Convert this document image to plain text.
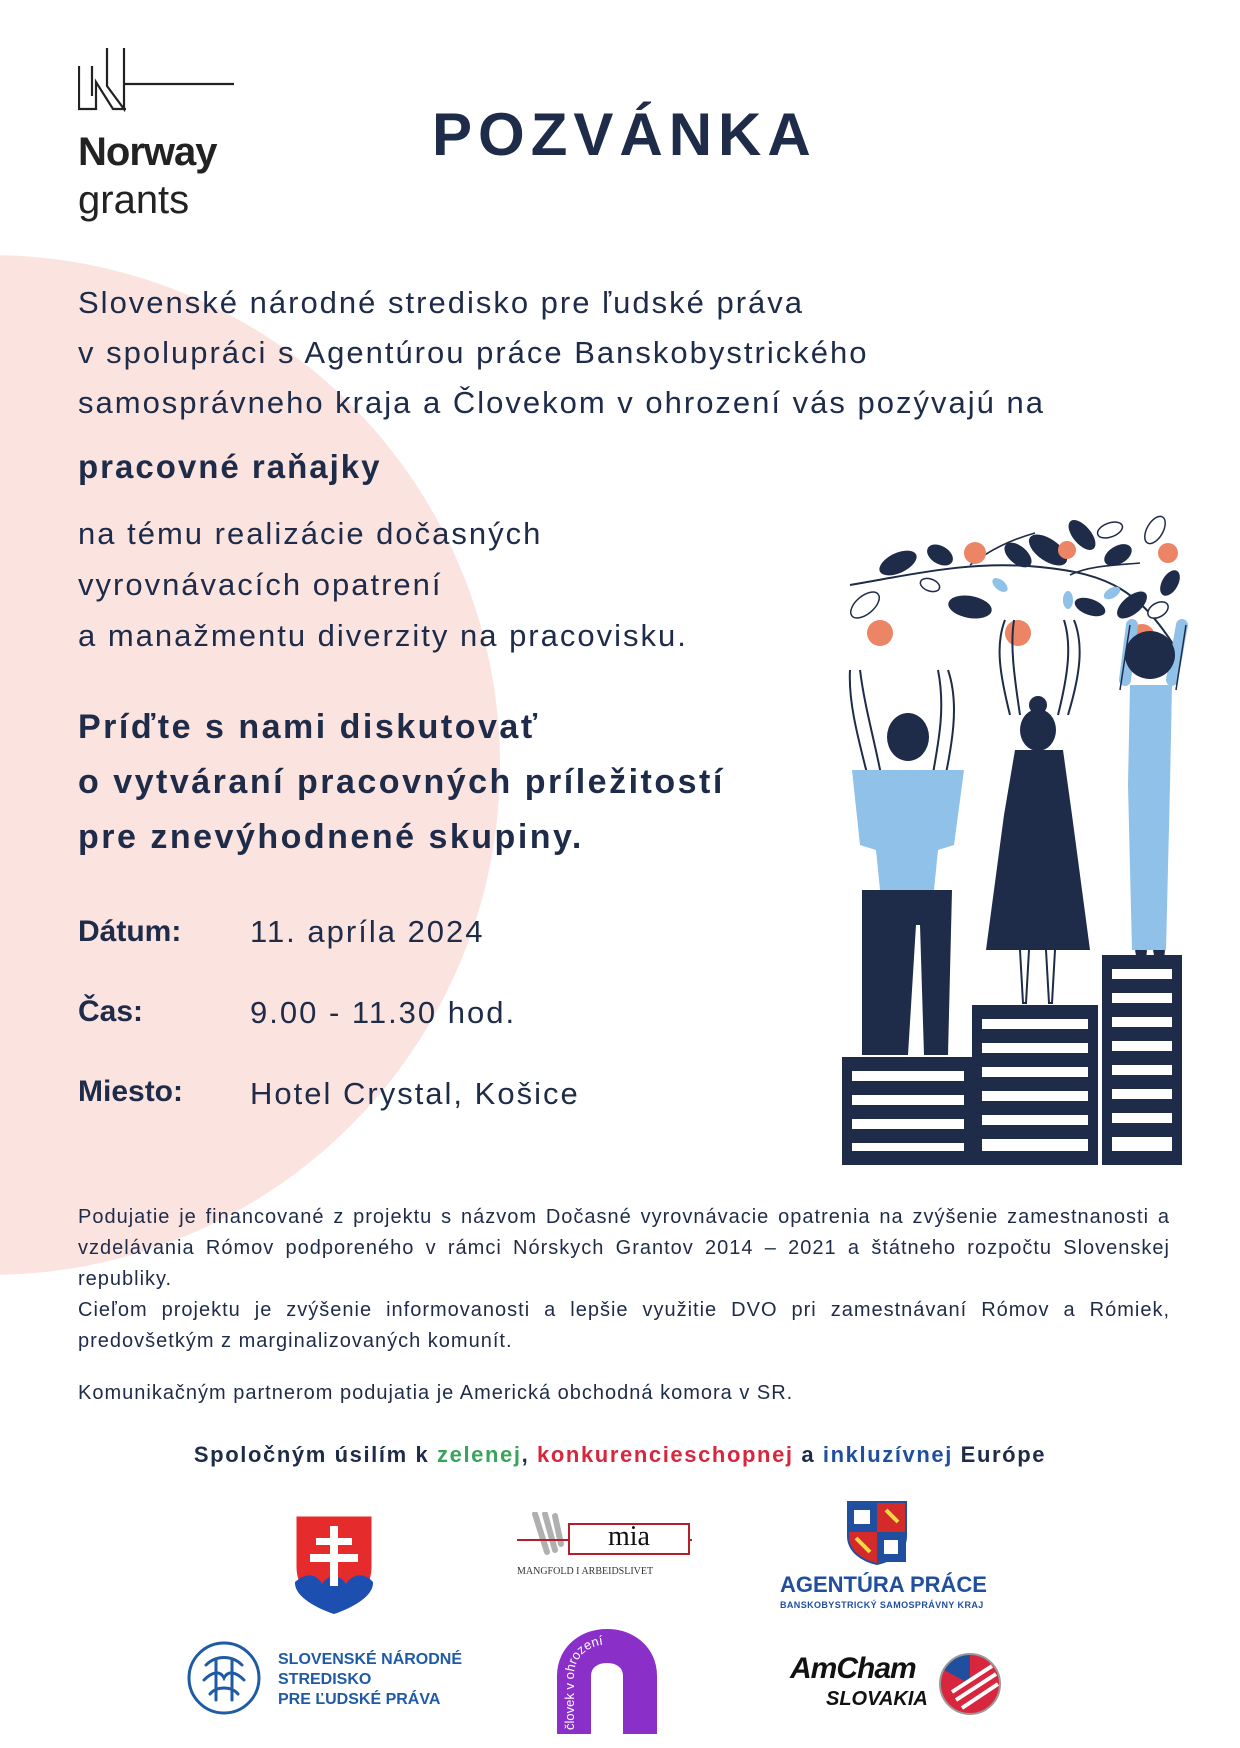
Norway
grants
POZVÁNKA
Slovenské národné stredisko pre ľudské práva
v spolupráci s Agentúrou práce Banskobystrického
samosprávneho kraja a Človekom v ohrození vás pozývajú na
pracovné raňajky
na tému realizácie dočasných
vyrovnávacích opatrení
a manažmentu diverzity na pracovisku.
Príďte s nami diskutovať
o vytváraní pracovných príležitostí
pre znevýhodnené skupiny.
Dátum: 11. apríla 2024
Čas:	9.00 - 11.30 hod.
Miesto: Hotel Crystal, Košice

Podujatie je financované z projektu s názvom Dočasné vyrovnávacie opatrenia na zvýšenie zamestnanosti a vzdelávania Rómov podporeného v rámci Nórskych Grantov 2014 – 2021 a štátneho rozpočtu Slovenskej republiky.

Cieľom projektu je zvýšenie informovanosti a lepšie využitie DVO pri zamestnávaní Rómov a Rómiek, predovšetkým z marginalizovaných komunít.

Komunikačným partnerom podujatia je Americká obchodná komora v SR.
Spoločným úsilím k zelenej, konkurencieschopnej a inkluzívnej Európe
mia
MANGFOLD I ARBEIDSLIVET
AGENTÚRA PRÁCE
BANSKOBYSTRICKÝ SAMOSPRÁVNY KRAJ
SLOVENSKÉ NÁRODNÉ
STREDISKO
PRE ĽUDSKÉ PRÁVA
človek v ohrození
AmCham
SLOVAKIA
